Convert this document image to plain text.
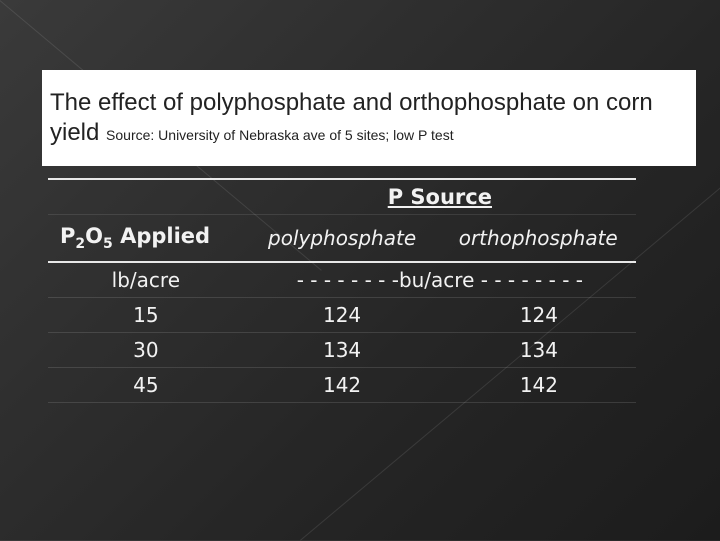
The effect of polyphosphate and orthophosphate on corn yield Source: University of Nebraska ave of 5 sites; low P test
	P Source	
$P_2O_5$ Applied	polyphosphate	orthophosphate
lb/acre	- - - - - - - -bu/acre - - - - - - - -	
15	124	124
30	134	134
45	142	142
